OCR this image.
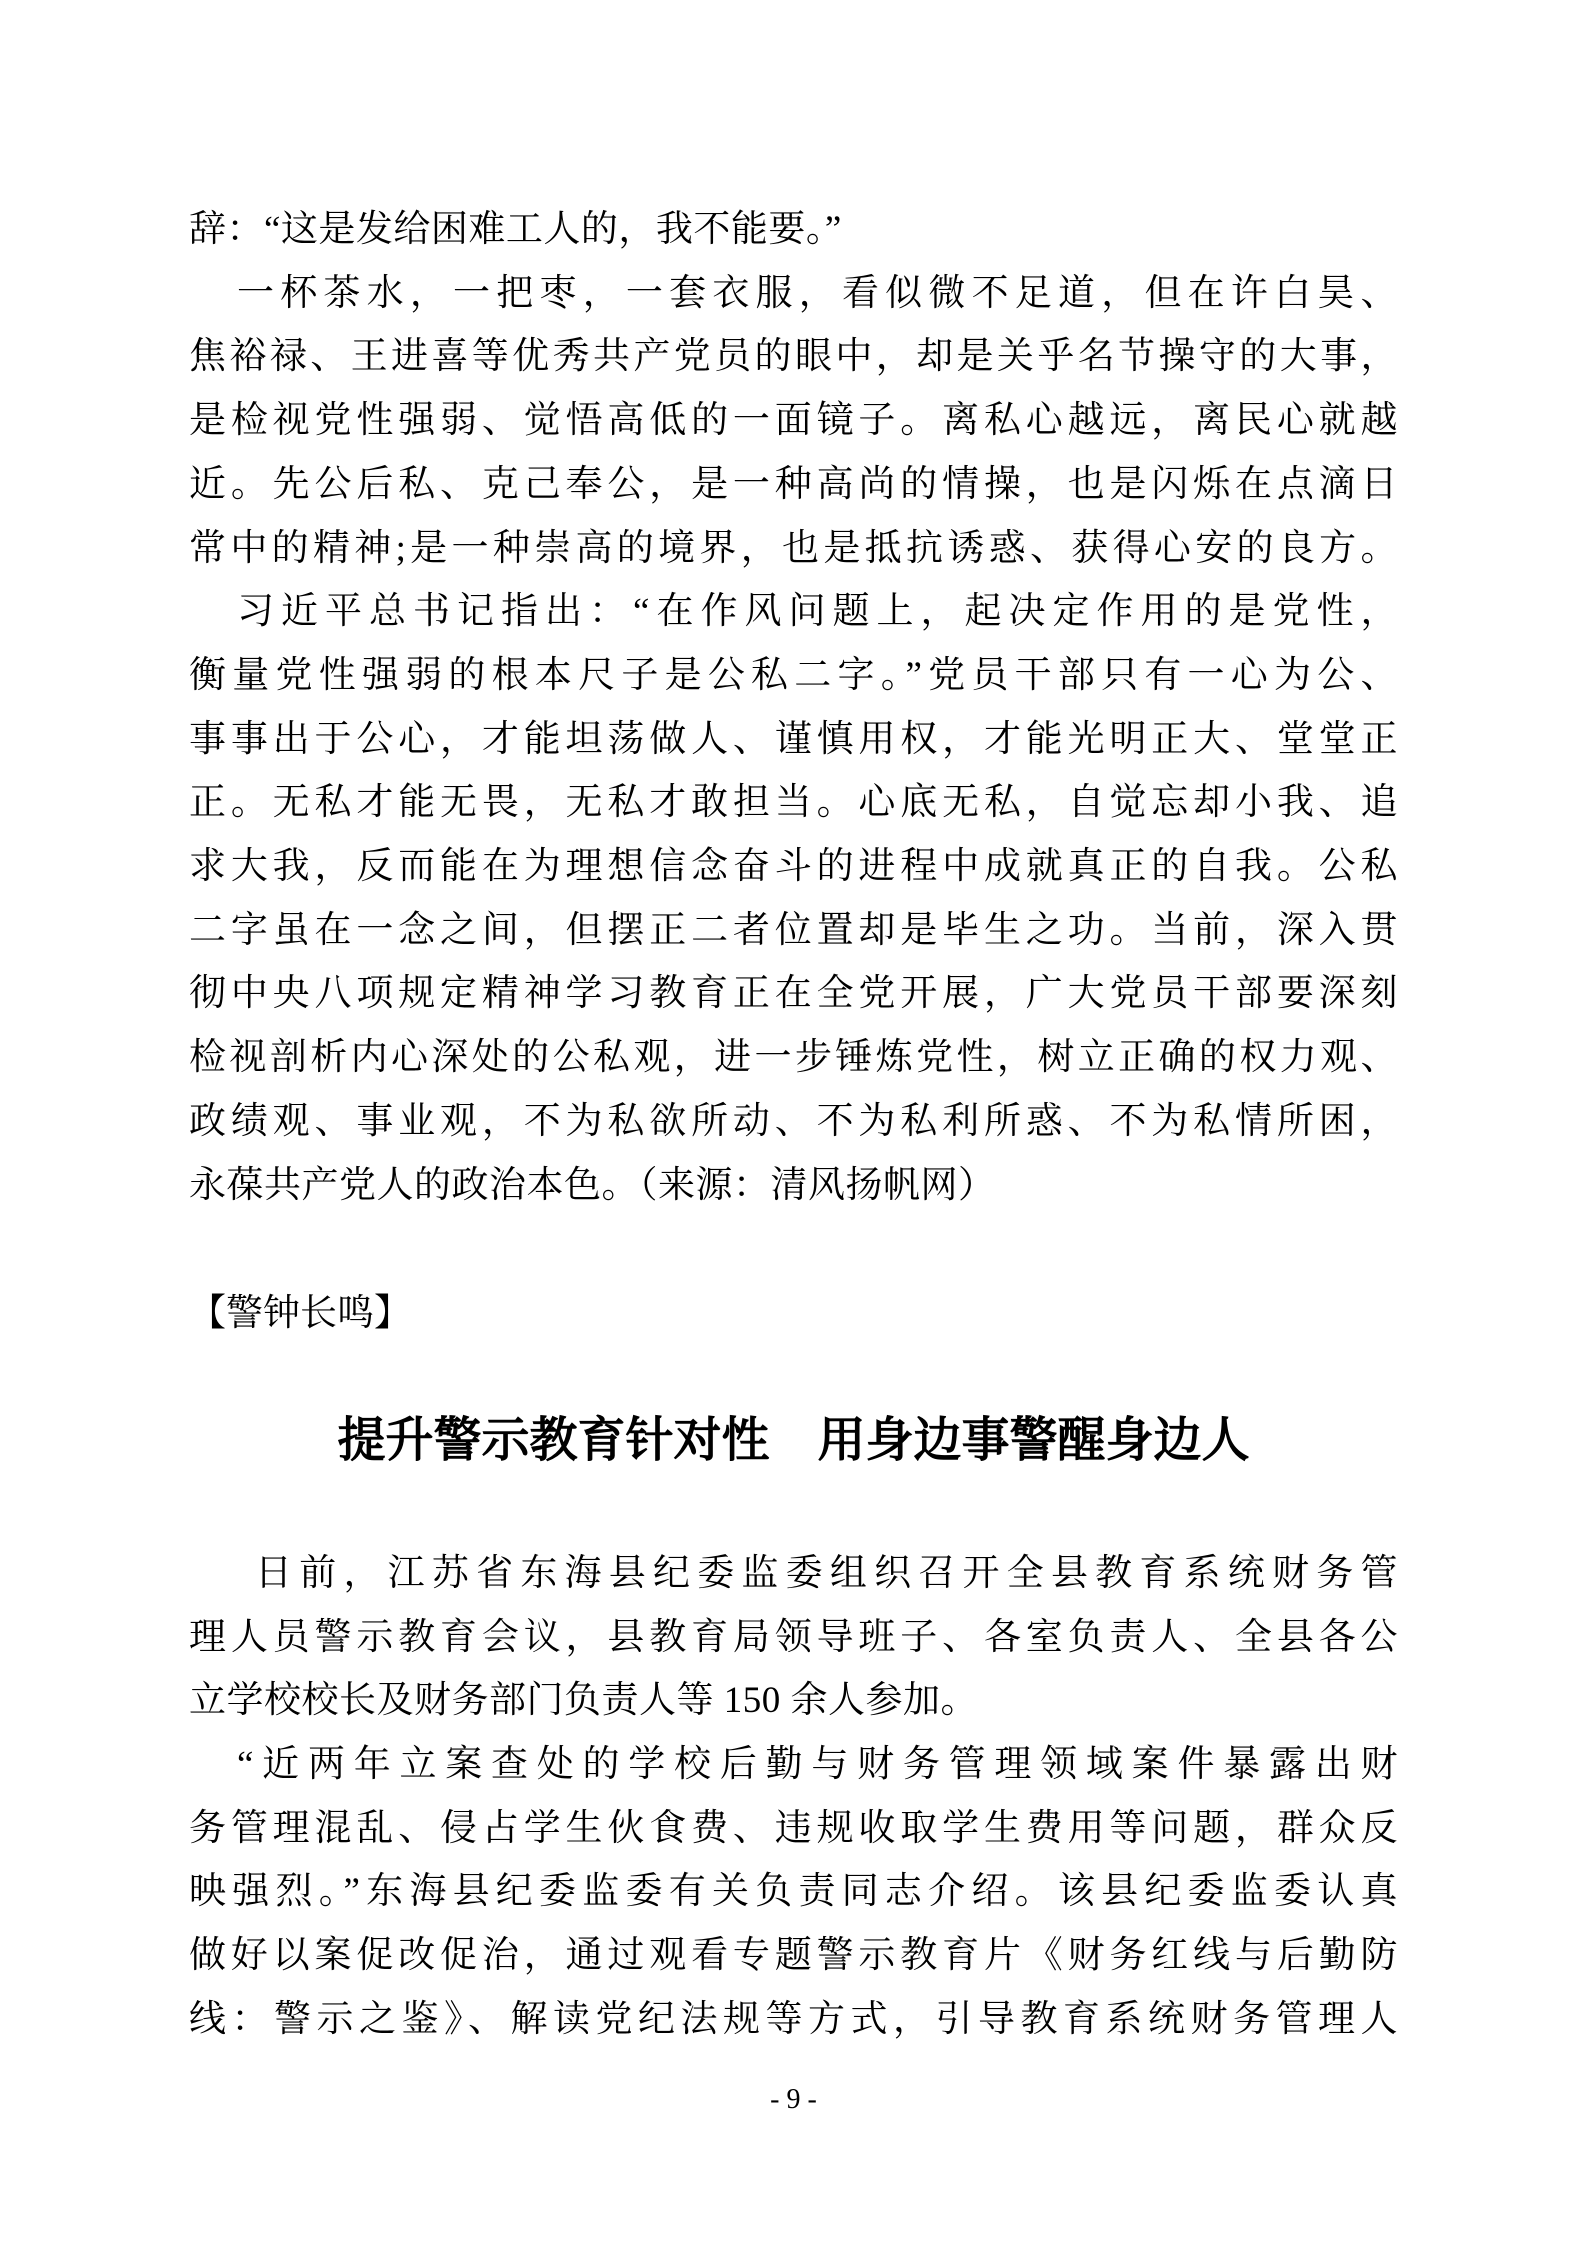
辞：“这是发给困难工人的，我不能要。”

一杯茶水，一把枣，一套衣服，看似微不足道，但在许白昊、

焦裕禄、王进喜等优秀共产党员的眼中，却是关乎名节操守的大事，

是检视党性强弱、觉悟高低的一面镜子。离私心越远，离民心就越

近。先公后私、克己奉公，是一种高尚的情操，也是闪烁在点滴日

常中的精神;是一种崇高的境界，也是抵抗诱惑、获得心安的良方。

习近平总书记指出：“在作风问题上，起决定作用的是党性，

衡量党性强弱的根本尺子是公私二字。”党员干部只有一心为公、

事事出于公心，才能坦荡做人、谨慎用权，才能光明正大、堂堂正

正。无私才能无畏，无私才敢担当。心底无私，自觉忘却小我、追

求大我，反而能在为理想信念奋斗的进程中成就真正的自我。公私

二字虽在一念之间，但摆正二者位置却是毕生之功。当前，深入贯

彻中央八项规定精神学习教育正在全党开展，广大党员干部要深刻

检视剖析内心深处的公私观，进一步锤炼党性，树立正确的权力观、

政绩观、事业观，不为私欲所动、不为私利所惑、不为私情所困，

永葆共产党人的政治本色。（来源：清风扬帆网）

【警钟长鸣】

提升警示教育针对性　用身边事警醒身边人

日前，江苏省东海县纪委监委组织召开全县教育系统财务管

理人员警示教育会议，县教育局领导班子、各室负责人、全县各公

立学校校长及财务部门负责人等 150 余人参加。

“近两年立案查处的学校后勤与财务管理领域案件暴露出财

务管理混乱、侵占学生伙食费、违规收取学生费用等问题，群众反

映强烈。”东海县纪委监委有关负责同志介绍。该县纪委监委认真

做好以案促改促治，通过观看专题警示教育片《财务红线与后勤防

线：警示之鉴》、解读党纪法规等方式，引导教育系统财务管理人

- 9 -
